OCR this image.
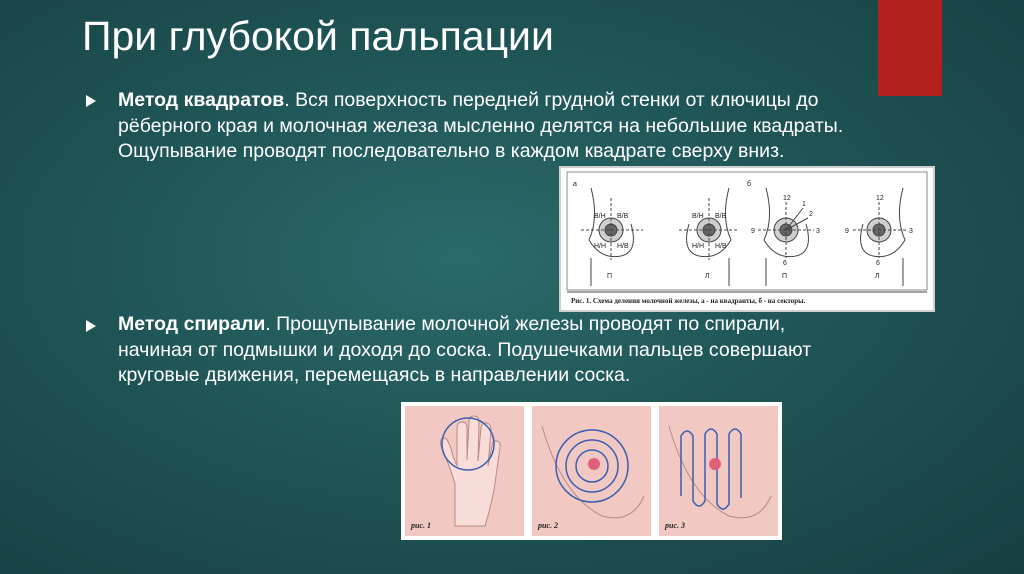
При глубокой пальпации
Метод квадратов. Вся поверхность передней грудной стенки от ключицы до рёберного края и молочная железа мысленно делятся на небольшие квадраты. Ощупывание проводят последовательно в каждом квадрате сверху вниз.
Метод спирали. Прощупывание молочной железы проводят по спирали, начиная от подмышки и доходя до соска. Подушечками пальцев совершают круговые движения, перемещаясь в направлении соска.
а	б
В/Н В/В
Н/Н Н/В
П
В/Н В/В
Н/Н Н/В
Л
12
1
2
3
9
6
П
12
3
9
6
Л
Рис. 1. Схема деления молочной железы, а - на квадранты, б - на секторы.
рис. 1	рис. 2	рис. 3
